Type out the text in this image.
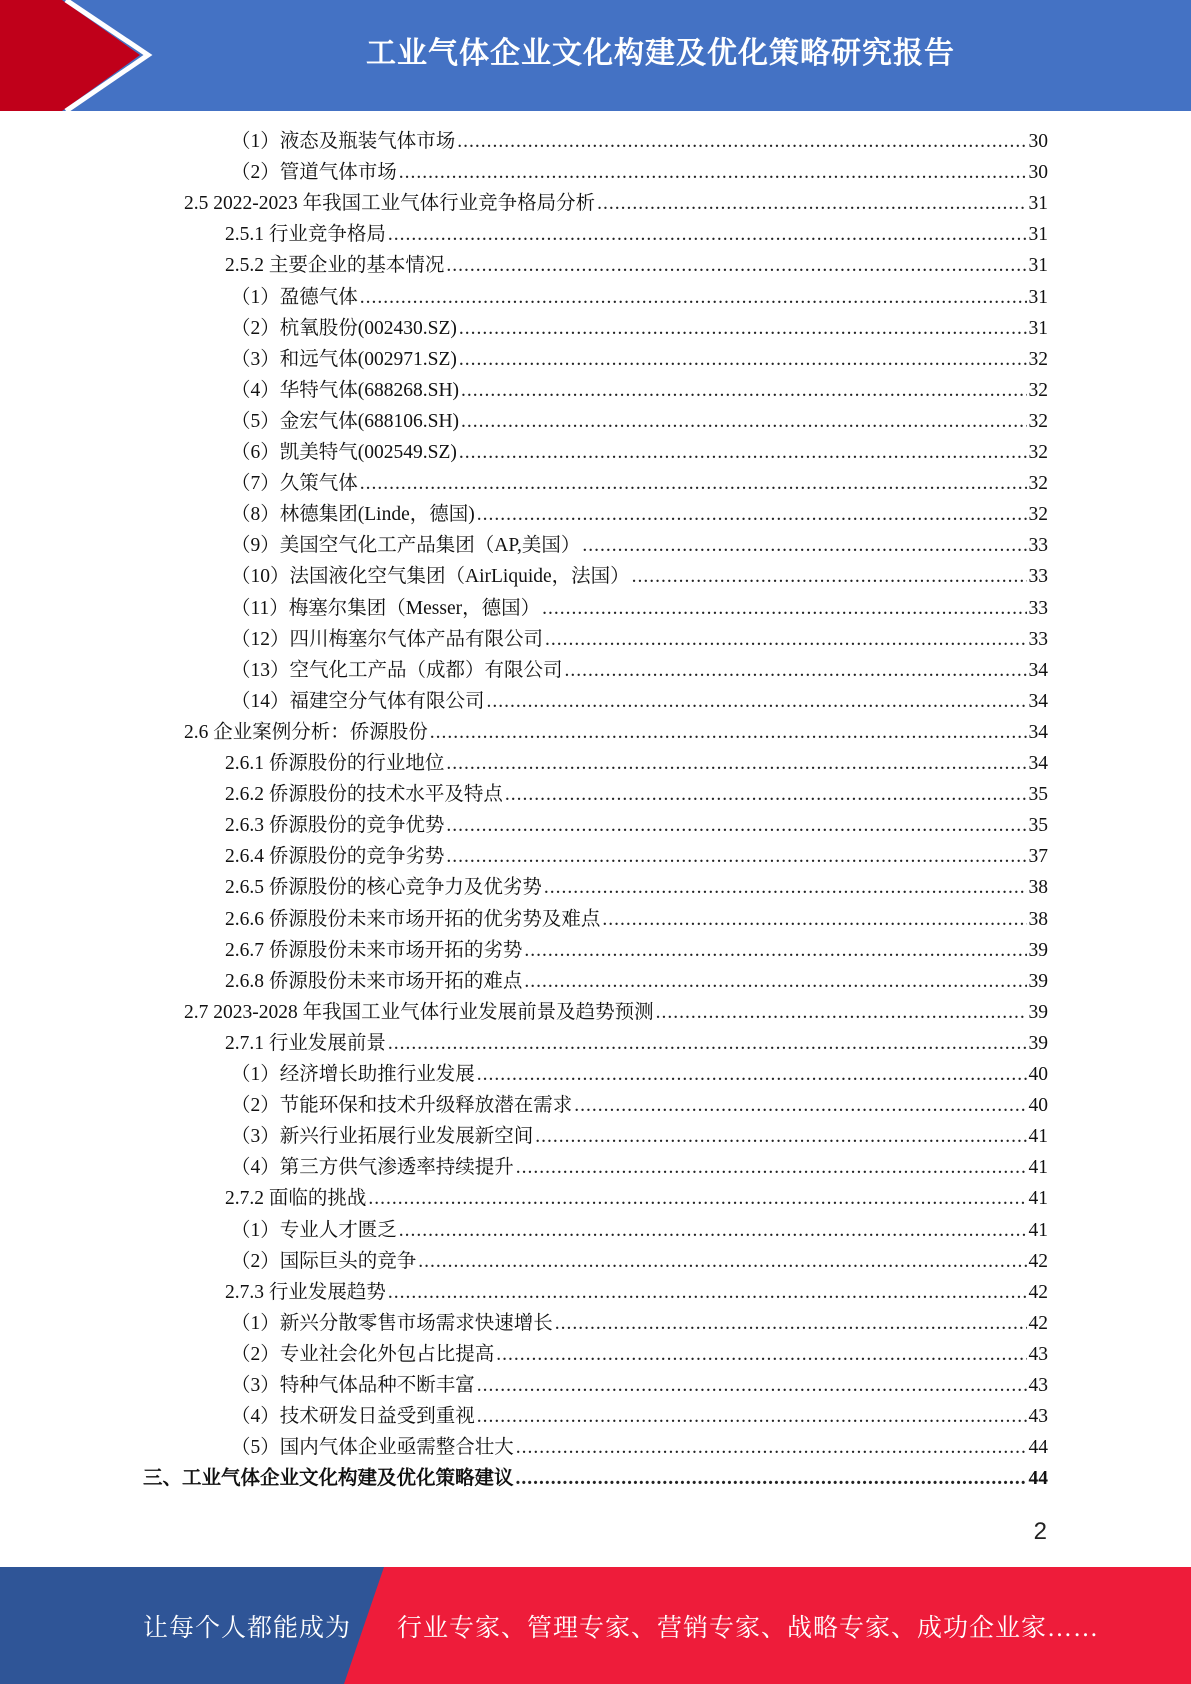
工业气体企业文化构建及优化策略研究报告
（1）液态及瓶装气体市场 .....	30
（2）管道气体市场 .....	30
2.5 2022-2023 年我国工业气体行业竞争格局分析 .....	31
2.5.1 行业竞争格局 .....	31
2.5.2 主要企业的基本情况 .....	31
（1）盈德气体 .....	31
（2）杭氧股份(002430.SZ) .....	31
（3）和远气体(002971.SZ) .....	32
（4）华特气体(688268.SH) .....	32
（5）金宏气体(688106.SH) .....	32
（6）凯美特气(002549.SZ) .....	32
（7）久策气体 .....	32
（8）林德集团(Linde，德国) .....	32
（9）美国空气化工产品集团（AP,美国） .....	33
（10）法国液化空气集团（AirLiquide，法国） .....	33
（11）梅塞尔集团（Messer，德国） .....	33
（12）四川梅塞尔气体产品有限公司 .....	33
（13）空气化工产品（成都）有限公司 .....	34
（14）福建空分气体有限公司 .....	34
2.6 企业案例分析：侨源股份 .....	34
2.6.1 侨源股份的行业地位 .....	34
2.6.2 侨源股份的技术水平及特点 .....	35
2.6.3 侨源股份的竞争优势 .....	35
2.6.4 侨源股份的竞争劣势 .....	37
2.6.5 侨源股份的核心竞争力及优劣势 .....	38
2.6.6 侨源股份未来市场开拓的优劣势及难点 .....	38
2.6.7 侨源股份未来市场开拓的劣势 .....	39
2.6.8 侨源股份未来市场开拓的难点 .....	39
2.7 2023-2028 年我国工业气体行业发展前景及趋势预测 .....	39
2.7.1 行业发展前景 .....	39
（1）经济增长助推行业发展 .....	40
（2）节能环保和技术升级释放潜在需求 .....	40
（3）新兴行业拓展行业发展新空间 .....	41
（4）第三方供气渗透率持续提升 .....	41
2.7.2 面临的挑战 .....	41
（1）专业人才匮乏 .....	41
（2）国际巨头的竞争 .....	42
2.7.3 行业发展趋势 .....	42
（1）新兴分散零售市场需求快速增长 .....	42
（2）专业社会化外包占比提高 .....	43
（3）特种气体品种不断丰富 .....	43
（4）技术研发日益受到重视 .....	43
（5）国内气体企业亟需整合壮大 .....	44
三、工业气体企业文化构建及优化策略建议 .....	44
2
让每个人都能成为 行业专家、管理专家、营销专家、战略专家、成功企业家……
